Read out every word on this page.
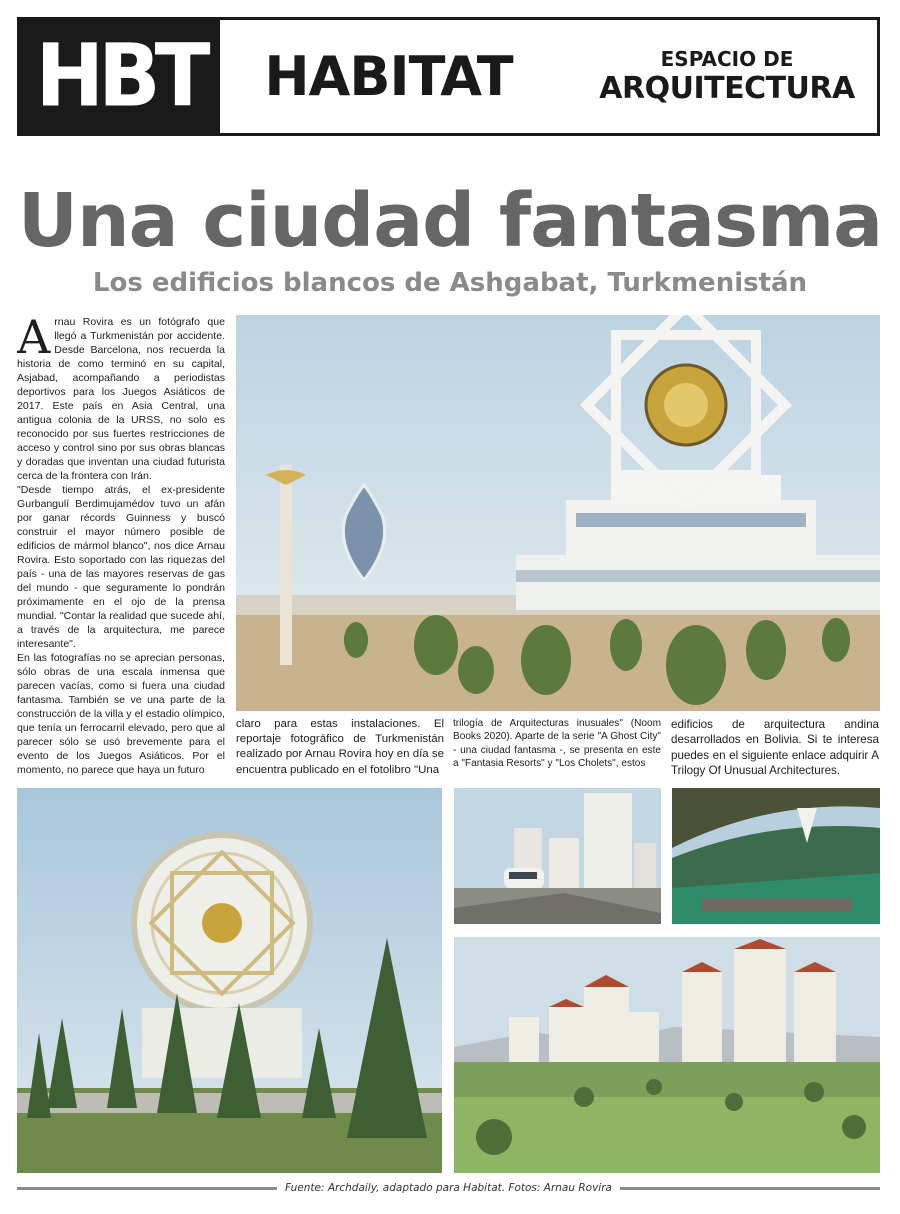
HBT	HABITAT	ESPACIO DE
ARQUITECTURA
Una ciudad fantasma
Los edificios blancos de Ashgabat, Turkmenistán

Arnau Rovira es un fotógrafo que llegó a Turkmenistán por accidente. Desde Barcelona, nos recuerda la historia de como terminó en su capital, Asjabad, acompañando a periodistas deportivos para los Juegos Asiáticos de 2017. Este país en Asia Central, una antigua colonia de la URSS, no solo es reconocido por sus fuertes restricciones de acceso y control sino por sus obras blancas y doradas que inventan una ciudad futurista cerca de la frontera con Irán.

"Desde tiempo atrás, el ex-presidente Gurbangulí Berdimujamédov tuvo un afán por ganar récords Guinness y buscó construir el mayor número posible de edificios de mármol blanco", nos dice Arnau Rovira. Esto soportado con las riquezas del país - una de las mayores reservas de gas del mundo - que seguramente lo pondrán próximamente en el ojo de la prensa mundial. "Contar la realidad que sucede ahí, a través de la arquitectura, me parece interesante".

En las fotografías no se aprecian personas, sólo obras de una escala inmensa que parecen vacías, como si fuera una ciudad fantasma. También se ve una parte de la construcción de la villa y el estadio olímpico, que tenía un ferrocarril elevado, pero que al parecer sólo se usó brevemente para el evento de los Juegos Asiáticos. Por el momento, no parece que haya un futuro

claro para estas instalaciones. El reportaje fotográfico de Turkmenistán realizado por Arnau Rovira hoy en día se encuentra publicado en el fotolibro "Una
trilogía de Arquitecturas inusuales" (Noom Books 2020). Aparte de la serie "A Ghost City" - una ciudad fantasma -, se presenta en este a "Fantasia Resorts" y "Los Cholets", estos
edificios de arquitectura andina desarrollados en Bolivia. Si te interesa puedes en el siguiente enlace adquirir A Trilogy Of Unusual Architectures.
Fuente: Archdaily, adaptado para Habitat. Fotos: Arnau Rovira
